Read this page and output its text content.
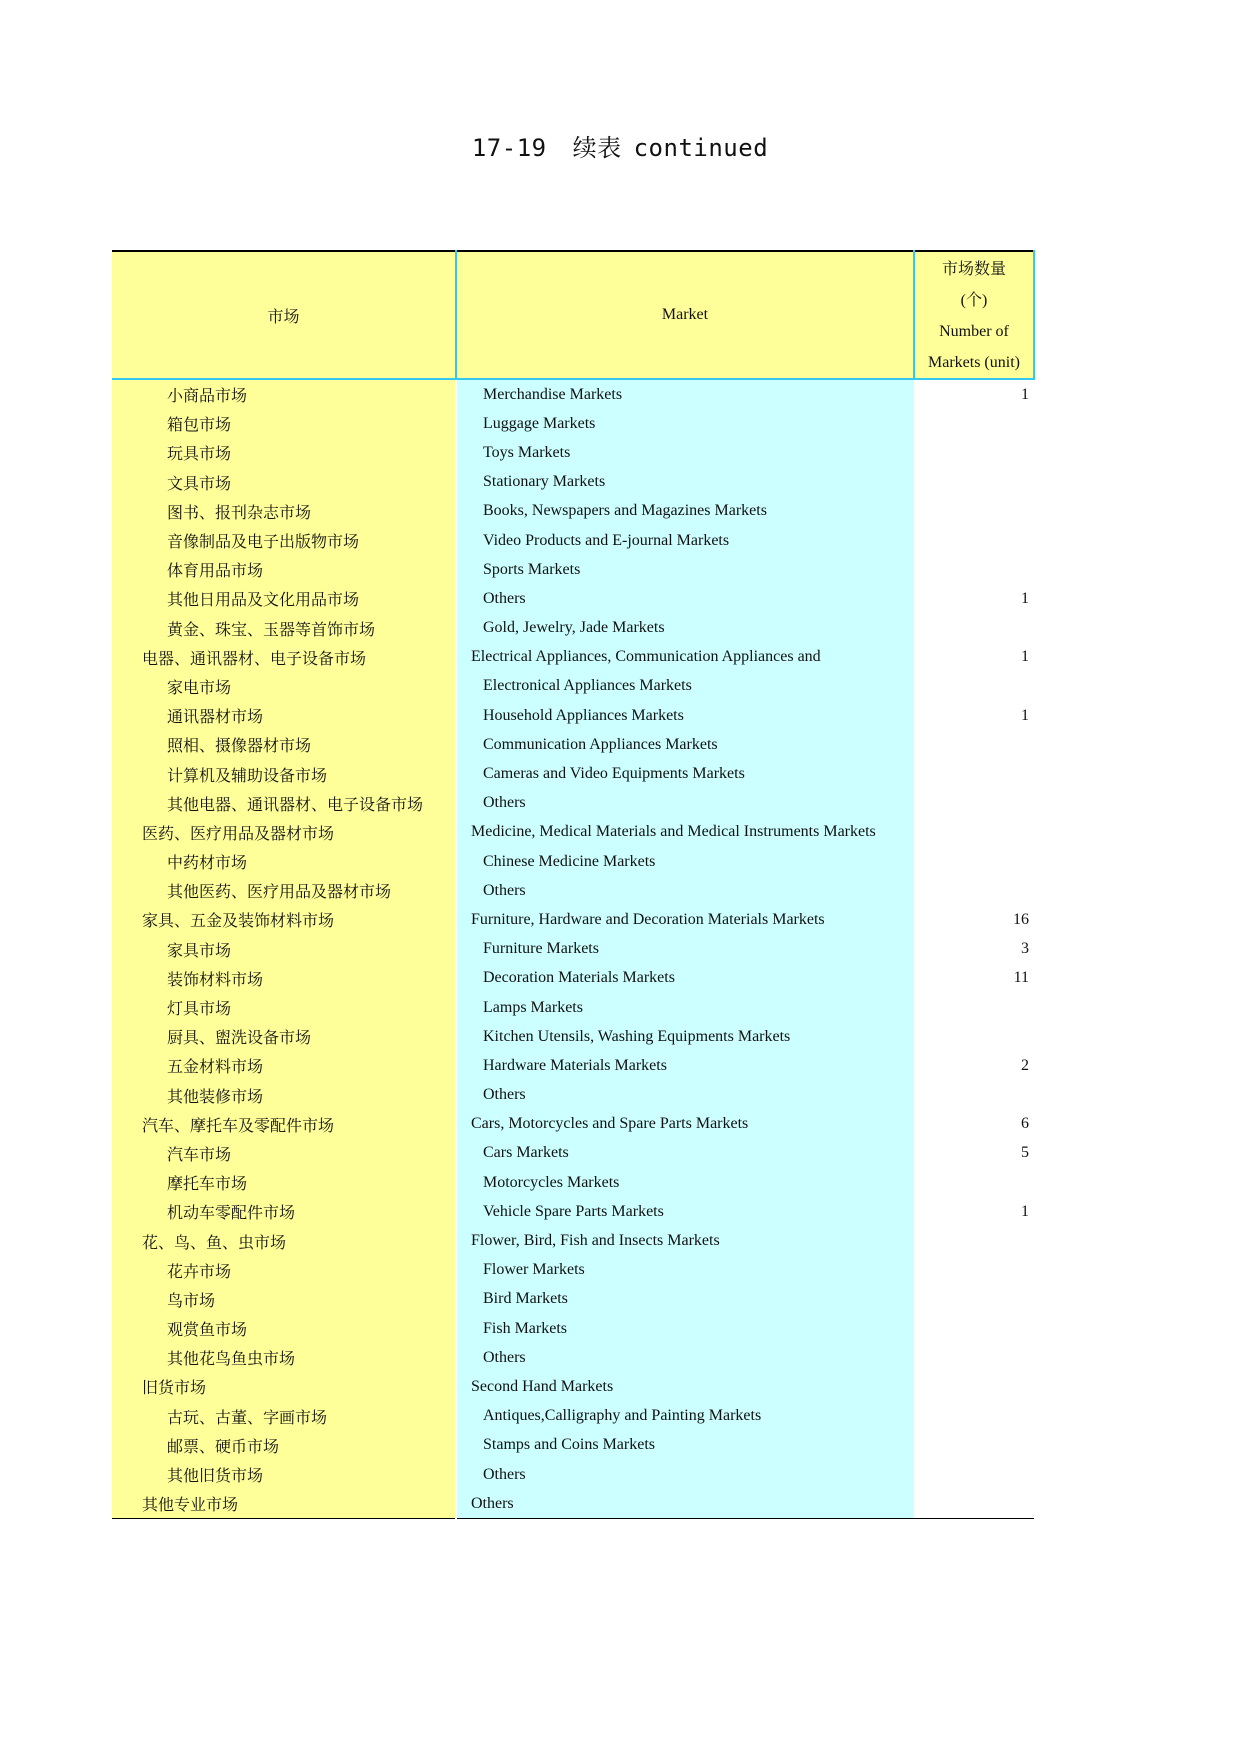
17-19 续表 continued
市场	Market	市场数量
(个)
Number of
Markets (unit)

小商品市场	Merchandise Markets	1
箱包市场	Luggage Markets	
玩具市场	Toys Markets	
文具市场	Stationary Markets	
图书、报刊杂志市场	Books, Newspapers and Magazines Markets	
音像制品及电子出版物市场	Video Products and E-journal Markets	
体育用品市场	Sports Markets	
其他日用品及文化用品市场	Others	1
黄金、珠宝、玉器等首饰市场	Gold, Jewelry, Jade Markets	
电器、通讯器材、电子设备市场	Electrical Appliances, Communication Appliances and	1
家电市场	Electronical Appliances Markets	
通讯器材市场	Household Appliances Markets	1
照相、摄像器材市场	Communication Appliances Markets	
计算机及辅助设备市场	Cameras and Video Equipments Markets	
其他电器、通讯器材、电子设备市场	Others	
医药、医疗用品及器材市场	Medicine, Medical Materials and Medical Instruments Markets	
中药材市场	Chinese Medicine Markets	
其他医药、医疗用品及器材市场	Others	
家具、五金及装饰材料市场	Furniture, Hardware and Decoration Materials Markets	16
家具市场	Furniture Markets	3
装饰材料市场	Decoration Materials Markets	11
灯具市场	Lamps Markets	
厨具、盥洗设备市场	Kitchen Utensils, Washing Equipments Markets	
五金材料市场	Hardware Materials Markets	2
其他装修市场	Others	
汽车、摩托车及零配件市场	Cars, Motorcycles and Spare Parts Markets	6
汽车市场	Cars Markets	5
摩托车市场	Motorcycles Markets	
机动车零配件市场	Vehicle Spare Parts Markets	1
花、鸟、鱼、虫市场	Flower, Bird, Fish and Insects Markets	
花卉市场	Flower Markets	
鸟市场	Bird Markets	
观赏鱼市场	Fish Markets	
其他花鸟鱼虫市场	Others	
旧货市场	Second Hand Markets	
古玩、古董、字画市场	Antiques,Calligraphy and Painting Markets	
邮票、硬币市场	Stamps and Coins Markets	
其他旧货市场	Others	
其他专业市场	Others	
